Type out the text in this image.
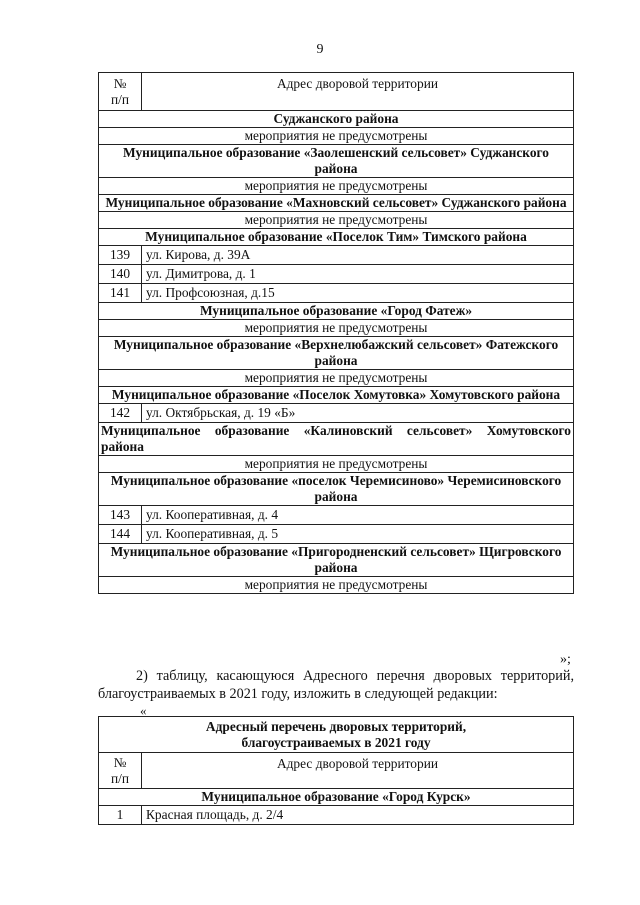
9
№
п/п	Адрес дворовой территории
Суджанского района	
мероприятия не предусмотрены	
Муниципальное образование «Заолешенский сельсовет» Суджанского района	
мероприятия не предусмотрены	
Муниципальное образование «Махновский сельсовет» Суджанского района	
мероприятия не предусмотрены	
Муниципальное образование «Поселок Тим» Тимского района	
139	ул. Кирова, д. 39А
140	ул. Димитрова, д. 1
141	ул. Профсоюзная, д.15
Муниципальное образование «Город Фатеж»	
мероприятия не предусмотрены	
Муниципальное образование «Верхнелюбажский сельсовет» Фатежского района	
мероприятия не предусмотрены	
Муниципальное образование «Поселок Хомутовка» Хомутовского района	
142	ул. Октябрьская, д. 19 «Б»
Муниципальное образование «Калиновский сельсовет» Хомутовского района	
мероприятия не предусмотрены	
Муниципальное образование «поселок Черемисиново» Черемисиновского района	
143	ул. Кооперативная, д. 4
144	ул. Кооперативная, д. 5
Муниципальное образование «Пригородненский сельсовет» Щигровского района	
мероприятия не предусмотрены	
»;

2) таблицу, касающуюся Адресного перечня дворовых территорий, благоустраиваемых в 2021 году, изложить в следующей редакции:

«
Адресный перечень дворовых территорий, благоустраиваемых в 2021 году	
№
п/п	Адрес дворовой территории
Муниципальное образование «Город Курск»	
1	Красная площадь, д. 2/4
